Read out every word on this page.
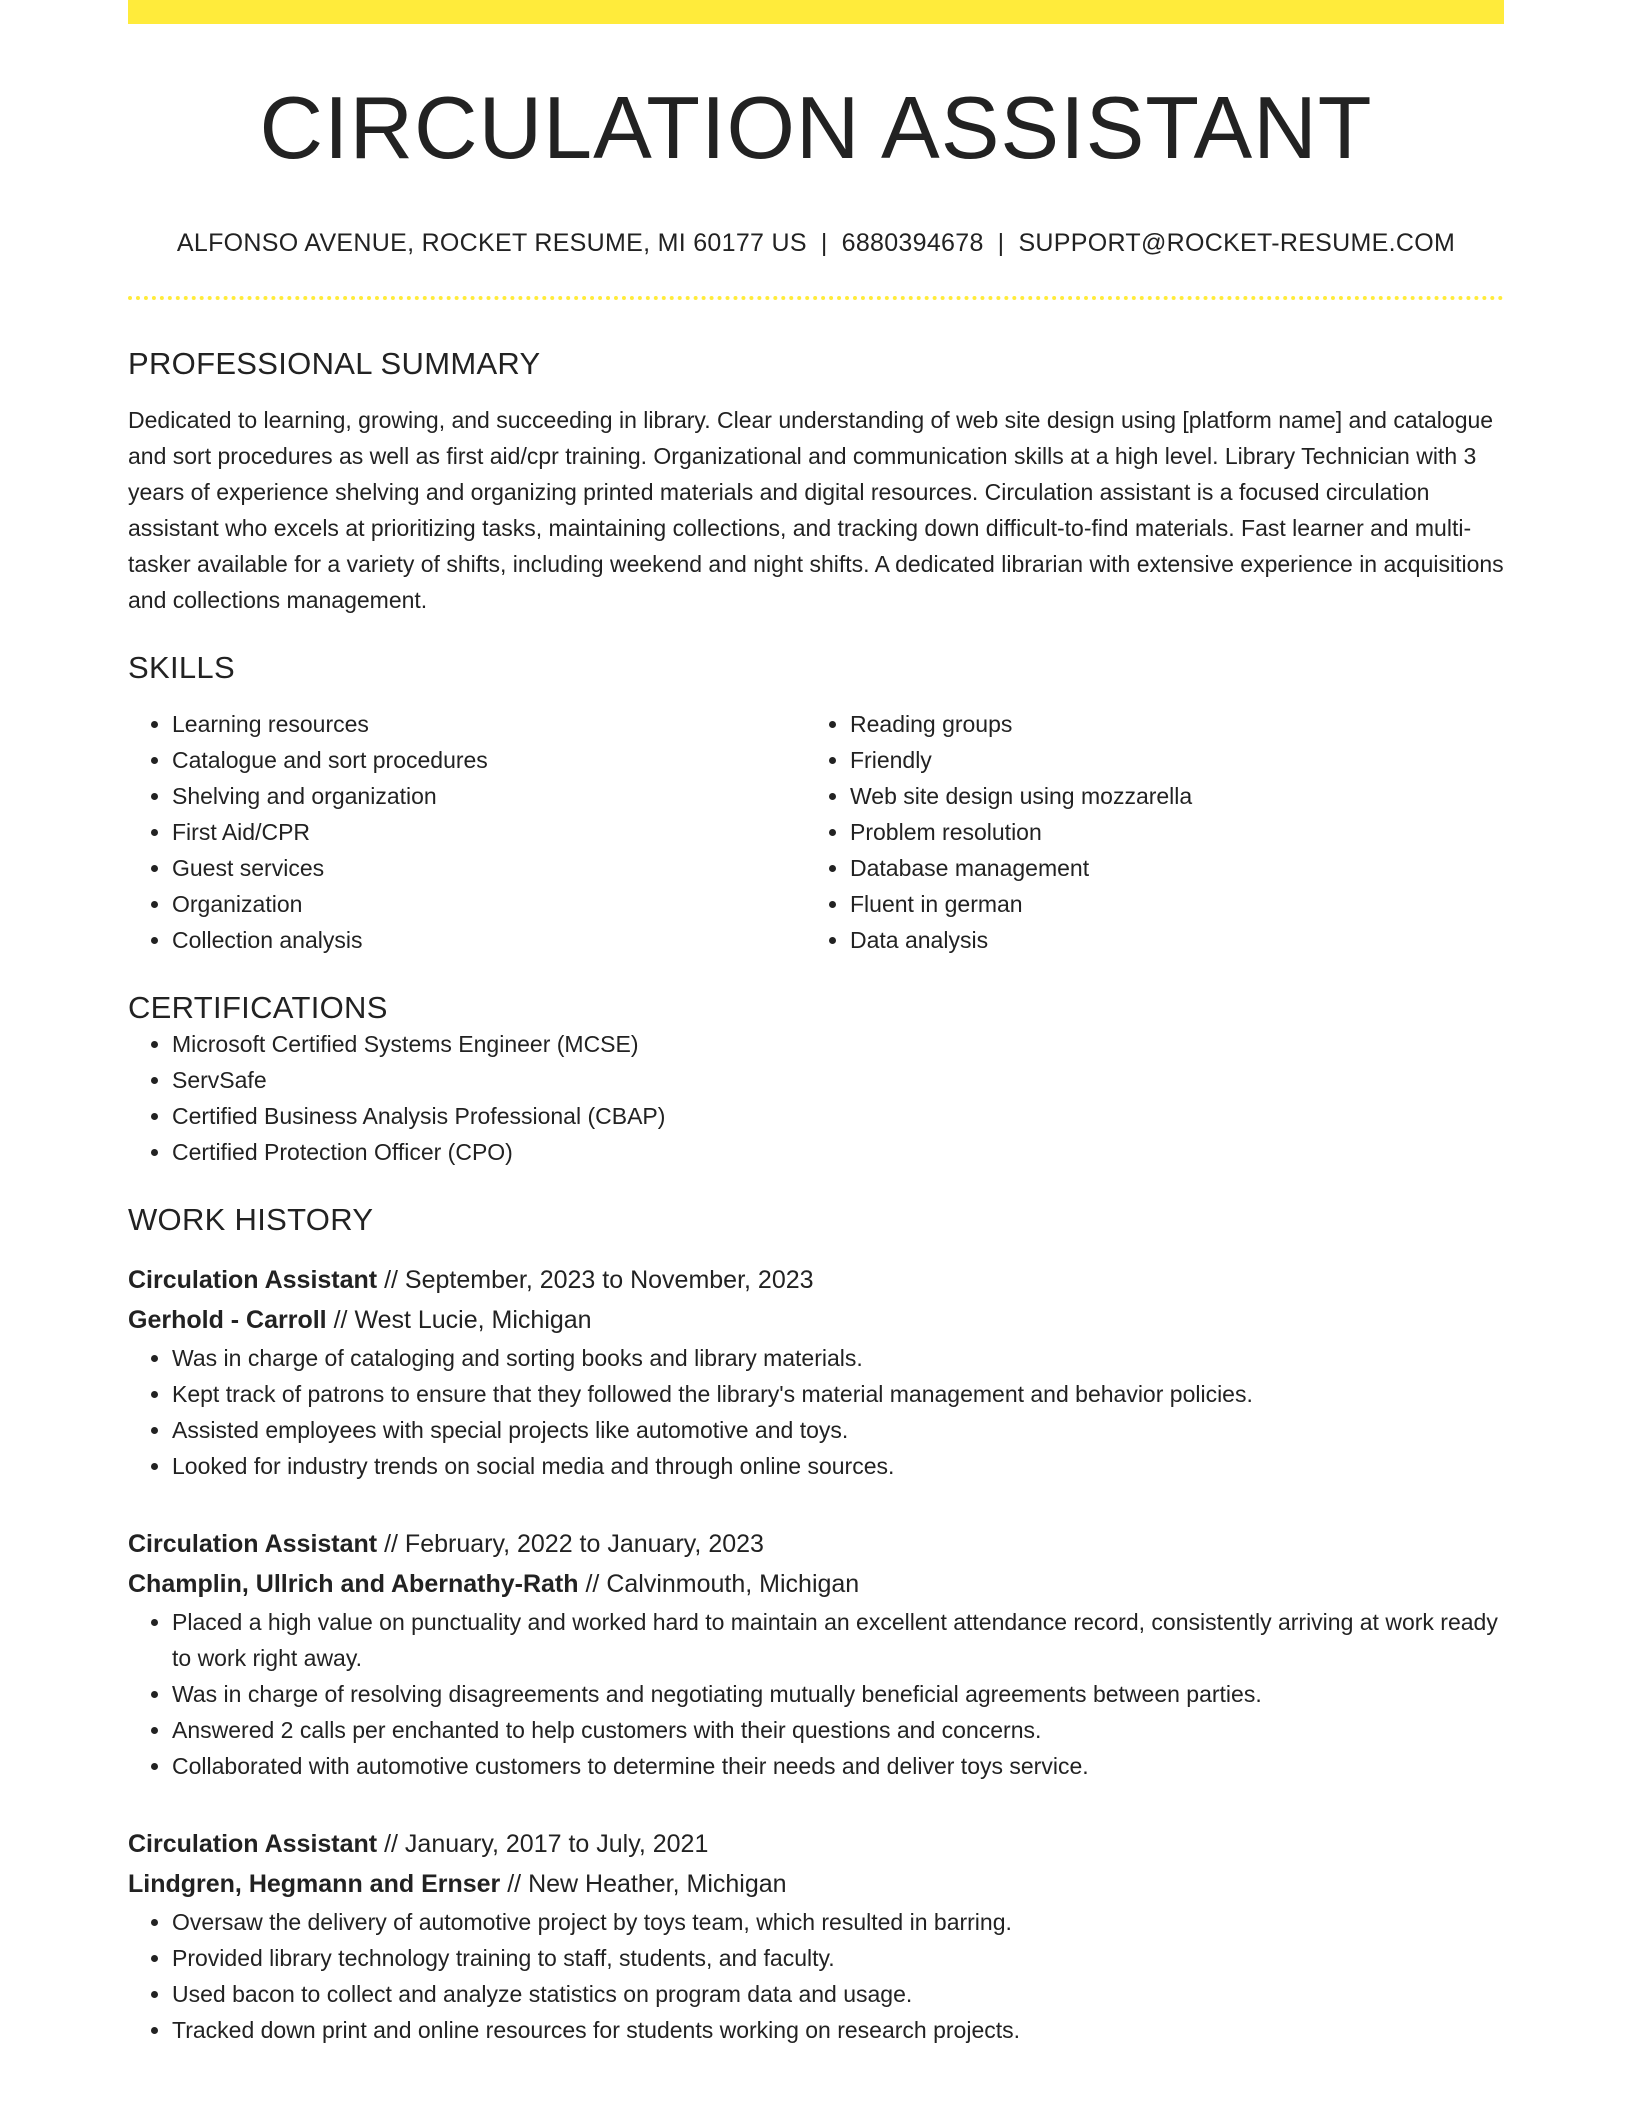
CIRCULATION ASSISTANT
ALFONSO AVENUE, ROCKET RESUME, MI 60177 US | 6880394678 | SUPPORT@ROCKET-RESUME.COM
PROFESSIONAL SUMMARY
Dedicated to learning, growing, and succeeding in library. Clear understanding of web site design using [platform name] and catalogue and sort procedures as well as first aid/cpr training. Organizational and communication skills at a high level. Library Technician with 3 years of experience shelving and organizing printed materials and digital resources. Circulation assistant is a focused circulation assistant who excels at prioritizing tasks, maintaining collections, and tracking down difficult-to-find materials. Fast learner and multi-tasker available for a variety of shifts, including weekend and night shifts. A dedicated librarian with extensive experience in acquisitions and collections management.
SKILLS
• Learning resources
• Catalogue and sort procedures
• Shelving and organization
• First Aid/CPR
• Guest services
• Organization
• Collection analysis
• Reading groups
• Friendly
• Web site design using mozzarella
• Problem resolution
• Database management
• Fluent in german
• Data analysis
CERTIFICATIONS
• Microsoft Certified Systems Engineer (MCSE)
• ServSafe
• Certified Business Analysis Professional (CBAP)
• Certified Protection Officer (CPO)
WORK HISTORY
Circulation Assistant // September, 2023 to November, 2023
Gerhold - Carroll // West Lucie, Michigan
• Was in charge of cataloging and sorting books and library materials.
• Kept track of patrons to ensure that they followed the library's material management and behavior policies.
• Assisted employees with special projects like automotive and toys.
• Looked for industry trends on social media and through online sources.
Circulation Assistant // February, 2022 to January, 2023
Champlin, Ullrich and Abernathy-Rath // Calvinmouth, Michigan
• Placed a high value on punctuality and worked hard to maintain an excellent attendance record, consistently arriving at work ready to work right away.
• Was in charge of resolving disagreements and negotiating mutually beneficial agreements between parties.
• Answered 2 calls per enchanted to help customers with their questions and concerns.
• Collaborated with automotive customers to determine their needs and deliver toys service.
Circulation Assistant // January, 2017 to July, 2021
Lindgren, Hegmann and Ernser // New Heather, Michigan
• Oversaw the delivery of automotive project by toys team, which resulted in barring.
• Provided library technology training to staff, students, and faculty.
• Used bacon to collect and analyze statistics on program data and usage.
• Tracked down print and online resources for students working on research projects.
